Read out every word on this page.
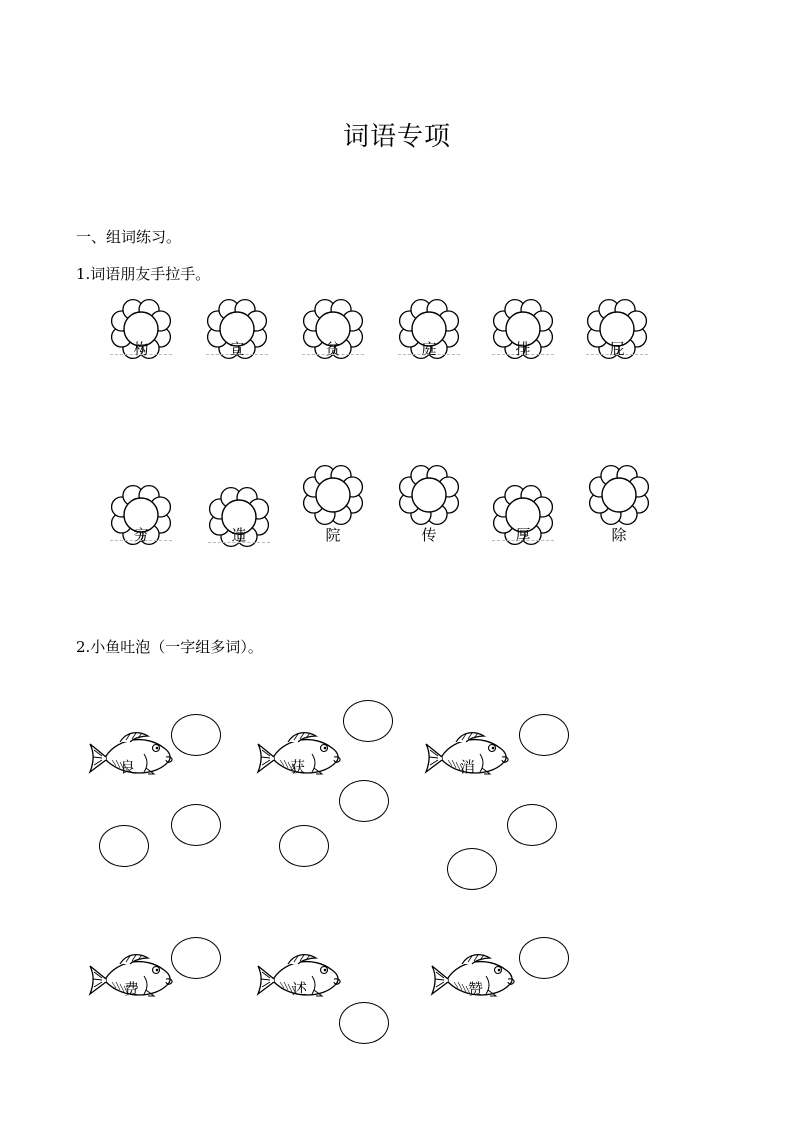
词语专项
一、组词练习。
1.词语朋友手拉手。
构	宣	贫	庭	排	屁
穷	造	院	传	厚	除
2.小鱼吐泡（一字组多词）。
良	获	消
费	述	赞
